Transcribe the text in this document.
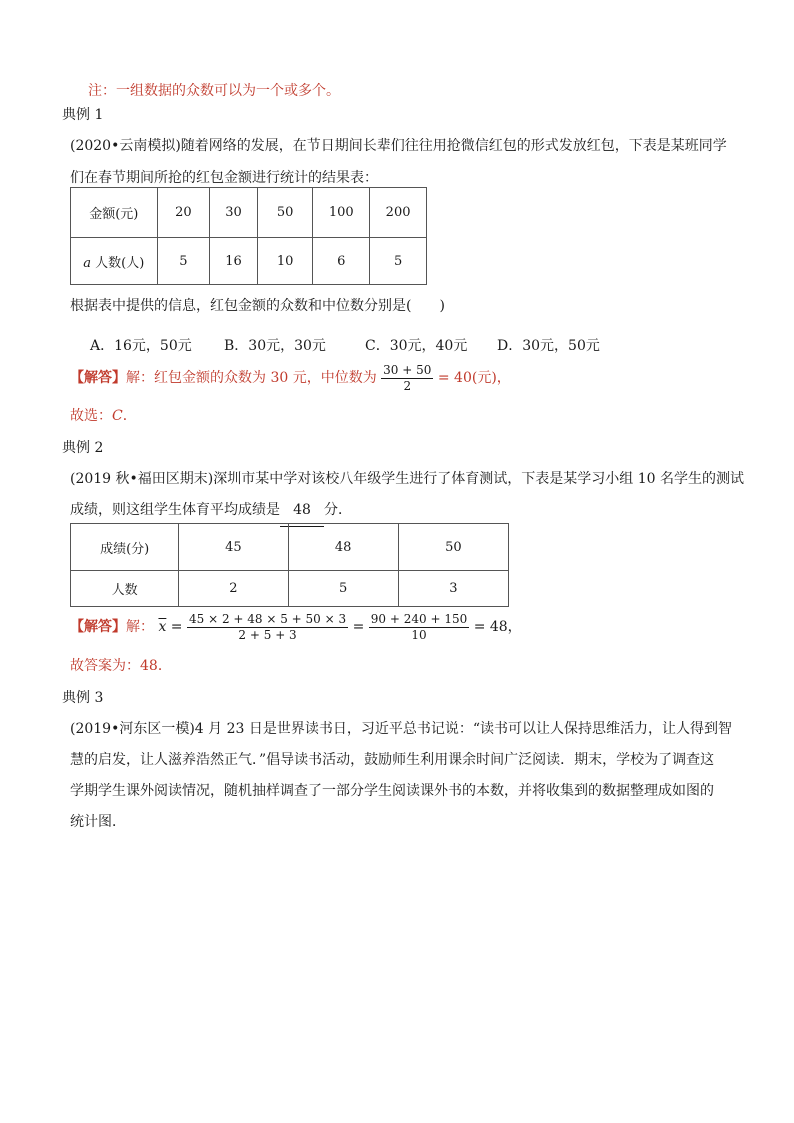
注：一组数据的众数可以为一个或多个。
典例 1
(2020•云南模拟)随着网络的发展，在节日期间长辈们往往用抢微信红包的形式发放红包，下表是某班同学
们在春节期间所抢的红包金额进行统计的结果表：
金额(元)	20	30	50	100	200
a 人数(人)	5	16	10	6	5
根据表中提供的信息，红包金额的众数和中位数分别是(　　)
A．16元，50元 B．30元，30元	C．30元，40元 D．30元，50元
【解答】解：红包金额的众数为 30 元，中位数为 $\frac{30 + 50}{2} = 40$(元)，
故选：C．
典例 2
(2019 秋•福田区期末)深圳市某中学对该校八年级学生进行了体育测试，下表是某学习小组 10 名学生的测试
成绩，则这组学生体育平均成绩是 48 分．
成绩(分)	45	48	50
人数	2	5	3
【解答】解： $\overline{x} = \frac{45 \times 2 + 48 \times 5 + 50 \times 3}{2 + 5 + 3} = \frac{90 + 240 + 150}{10} = 48$，
故答案为：48．
典例 3
(2019•河东区一模)4 月 23 日是世界读书日，习近平总书记说：“读书可以让人保持思维活力，让人得到智
慧的启发，让人滋养浩然正气．”倡导读书活动，鼓励师生利用课余时间广泛阅读．期末，学校为了调查这
学期学生课外阅读情况，随机抽样调查了一部分学生阅读课外书的本数，并将收集到的数据整理成如图的
统计图．
